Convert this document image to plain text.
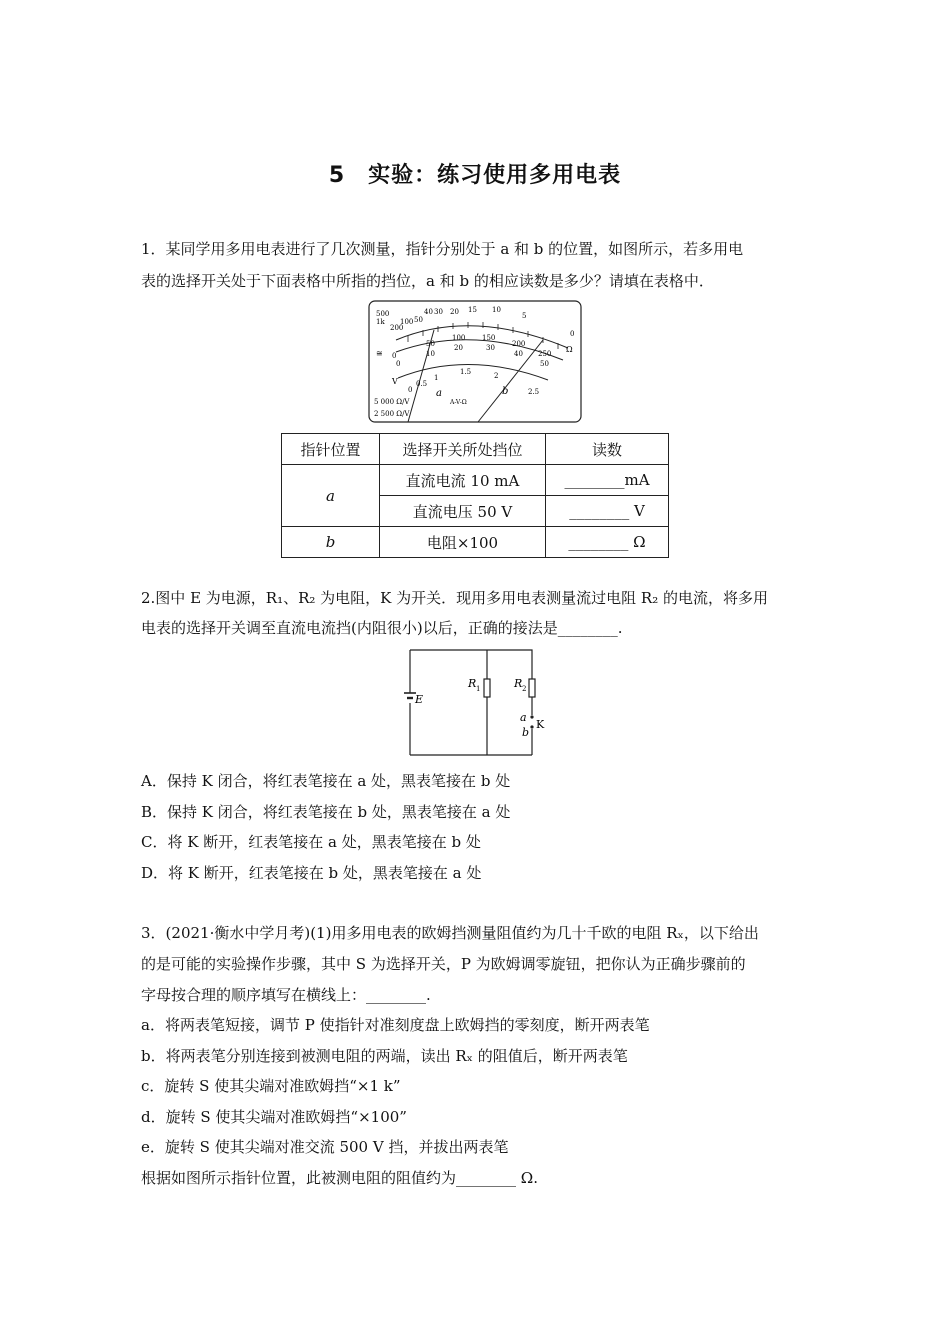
5　实验：练习使用多用电表
1．某同学用多用电表进行了几次测量，指针分别处于 a 和 b 的位置，如图所示，若多用电
表的选择开关处于下面表格中所指的挡位，a 和 b 的相应读数是多少？请填在表格中．
500
1k
200
100 50
40 30 20 15 10
5
0
Ω
≅ 0
50
100 150
200
250
0
10
20	30
40
50
V
0
0.5
1
1.5	2
2.5
a	b
A-V-Ω
5 000 Ω/V
2 500 Ω/V
指针位置	选择开关所处挡位	读数
a	直流电流 10 mA	________mA
	直流电压 50 V	________ V
b	电阻×100	________ Ω
2.图中 E 为电源，R₁、R₂ 为电阻，K 为开关．现用多用电表测量流过电阻 R₂ 的电流，将多用
电表的选择开关调至直流电流挡(内阻很小)以后，正确的接法是________.
E
R 1	R 2
a
b
K
A．保持 K 闭合，将红表笔接在 a 处，黑表笔接在 b 处
B．保持 K 闭合，将红表笔接在 b 处，黑表笔接在 a 处
C．将 K 断开，红表笔接在 a 处，黑表笔接在 b 处
D．将 K 断开，红表笔接在 b 处，黑表笔接在 a 处
3．(2021·衡水中学月考)(1)用多用电表的欧姆挡测量阻值约为几十千欧的电阻 Rₓ，以下给出
的是可能的实验操作步骤，其中 S 为选择开关，P 为欧姆调零旋钮，把你认为正确步骤前的
字母按合理的顺序填写在横线上：________.
a．将两表笔短接，调节 P 使指针对准刻度盘上欧姆挡的零刻度，断开两表笔
b．将两表笔分别连接到被测电阻的两端，读出 Rₓ 的阻值后，断开两表笔
c．旋转 S 使其尖端对准欧姆挡“×1 k”
d．旋转 S 使其尖端对准欧姆挡“×100”
e．旋转 S 使其尖端对准交流 500 V 挡，并拔出两表笔
根据如图所示指针位置，此被测电阻的阻值约为________ Ω.
